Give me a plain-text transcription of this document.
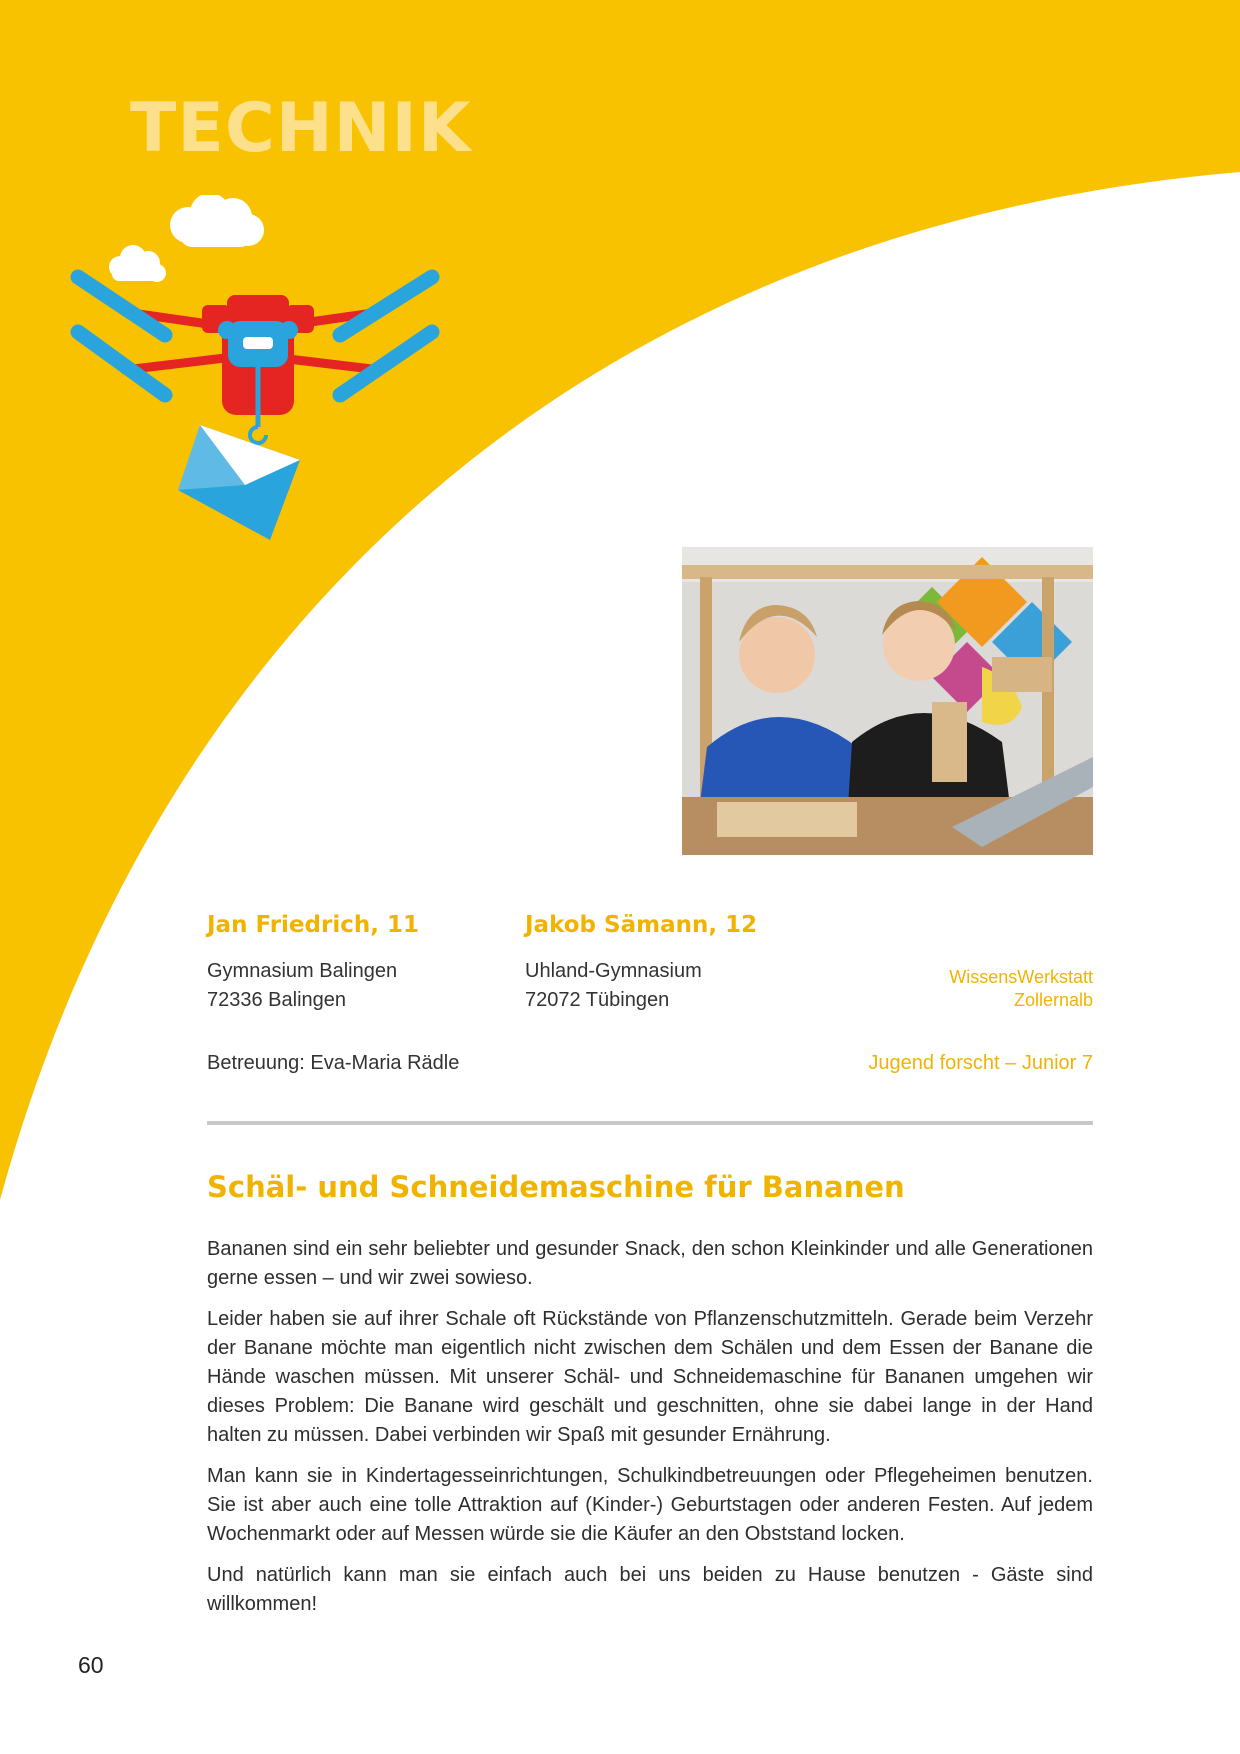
TECHNIK

Jan Friedrich, 11

Gymnasium Balingen
72336 Balingen

Jakob Sämann, 12

Uhland-Gymnasium
72072 Tübingen
WissensWerkstatt
Zollernalb
Betreuung: Eva-Maria Rädle	Jugend forscht – Junior 7
Schäl- und Schneidemaschine für Bananen

Bananen sind ein sehr beliebter und gesunder Snack, den schon Kleinkinder und alle Generationen gerne essen – und wir zwei sowieso.

Leider haben sie auf ihrer Schale oft Rückstände von Pflanzenschutzmitteln. Gerade beim Verzehr der Banane möchte man eigentlich nicht zwischen dem Schälen und dem Essen der Banane die Hände waschen müssen. Mit unserer Schäl- und Schneidemaschine für Bananen umgehen wir dieses Problem: Die Banane wird geschält und geschnitten, ohne sie dabei lange in der Hand halten zu müssen. Dabei verbinden wir Spaß mit gesunder Ernährung.

Man kann sie in Kindertagesseinrichtungen, Schulkindbetreuungen oder Pflegeheimen benutzen. Sie ist aber auch eine tolle Attraktion auf (Kinder-) Geburtstagen oder anderen Festen. Auf jedem Wochenmarkt oder auf Messen würde sie die Käufer an den Obststand locken.

Und natürlich kann man sie einfach auch bei uns beiden zu Hause benutzen - Gäste sind willkommen!

60
